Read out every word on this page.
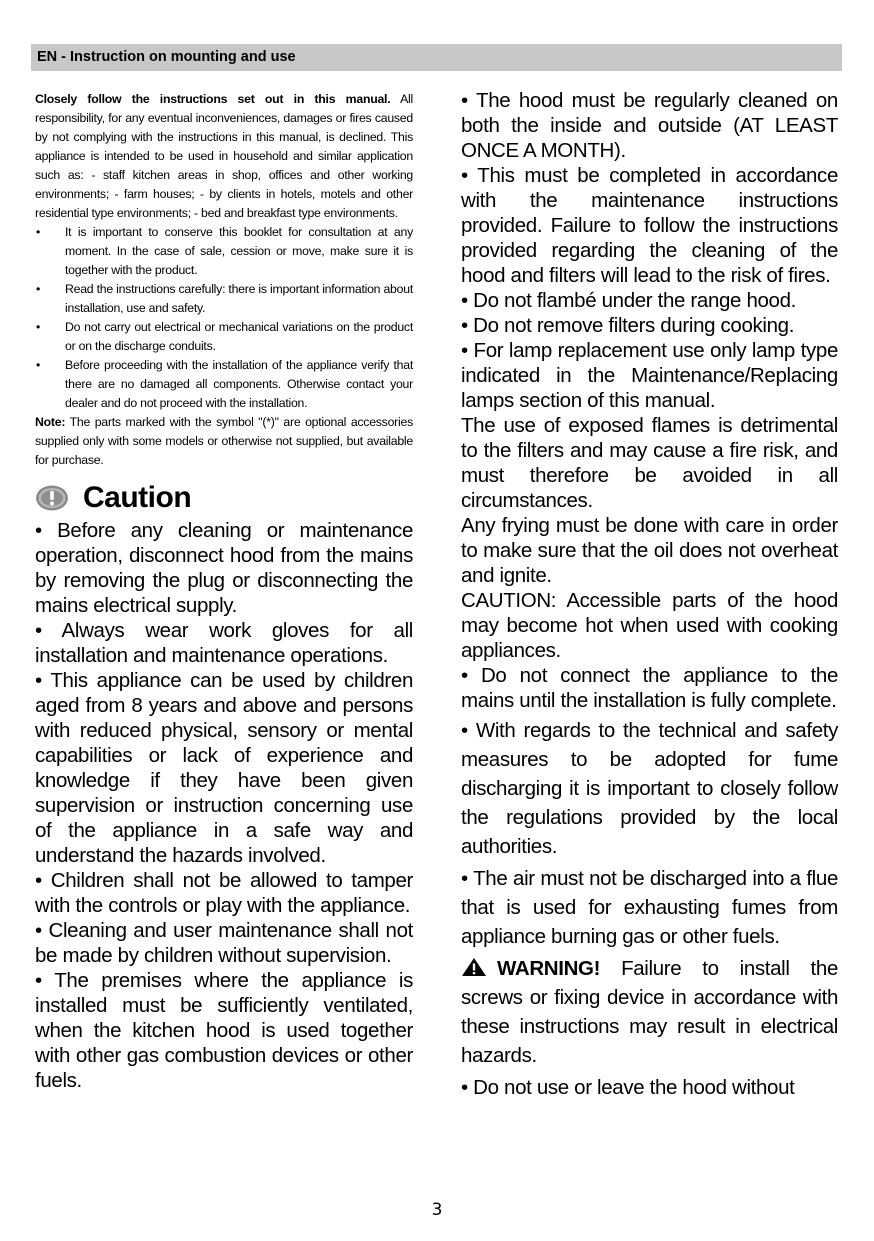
EN - Instruction on mounting and use

Closely follow the instructions set out in this manual. All responsibility, for any eventual inconveniences, damages or fires caused by not complying with the instructions in this manual, is declined. This appliance is intended to be used in household and similar application such as: - staff kitchen areas in shop, offices and other working environments; - farm houses; - by clients in hotels, motels and other residential type environments; - bed and breakfast type environments.

• It is important to conserve this booklet for consultation at any moment. In the case of sale, cession or move, make sure it is together with the product.
• Read the instructions carefully: there is important information about installation, use and safety.
• Do not carry out electrical or mechanical variations on the product or on the discharge conduits.
• Before proceeding with the installation of the appliance verify that there are no damaged all components. Otherwise contact your dealer and do not proceed with the installation.

Note: The parts marked with the symbol "(*)" are optional accessories supplied only with some models or otherwise not supplied, but available for purchase.

Caution

• Before any cleaning or maintenance operation, disconnect hood from the mains by removing the plug or disconnecting the mains electrical supply.

• Always wear work gloves for all installation and maintenance operations.

• This appliance can be used by children aged from 8 years and above and persons with reduced physical, sensory or mental capabilities or lack of experience and knowledge if they have been given supervision or instruction concerning use of the appliance in a safe way and understand the hazards involved.

• Children shall not be allowed to tamper with the controls or play with the appliance.

• Cleaning and user maintenance shall not be made by children without supervision.

• The premises where the appliance is installed must be sufficiently ventilated, when the kitchen hood is used together with other gas combustion devices or other fuels.

• The hood must be regularly cleaned on both the inside and outside (AT LEAST ONCE A MONTH).

• This must be completed in accordance with the maintenance instructions provided. Failure to follow the instructions provided regarding the cleaning of the hood and filters will lead to the risk of fires.

• Do not flambé under the range hood.

• Do not remove filters during cooking.

• For lamp replacement use only lamp type indicated in the Maintenance/Replacing lamps section of this manual.

The use of exposed flames is detrimental to the filters and may cause a fire risk, and must therefore be avoided in all circumstances.

Any frying must be done with care in order to make sure that the oil does not overheat and ignite.

CAUTION: Accessible parts of the hood may become hot when used with cooking appliances.

• Do not connect the appliance to the mains until the installation is fully complete.

• With regards to the technical and safety measures to be adopted for fume discharging it is important to closely follow the regulations provided by the local authorities.

• The air must not be discharged into a flue that is used for exhausting fumes from appliance burning gas or other fuels.

WARNING! Failure to install the screws or fixing device in accordance with these instructions may result in electrical hazards.

• Do not use or leave the hood without

3
